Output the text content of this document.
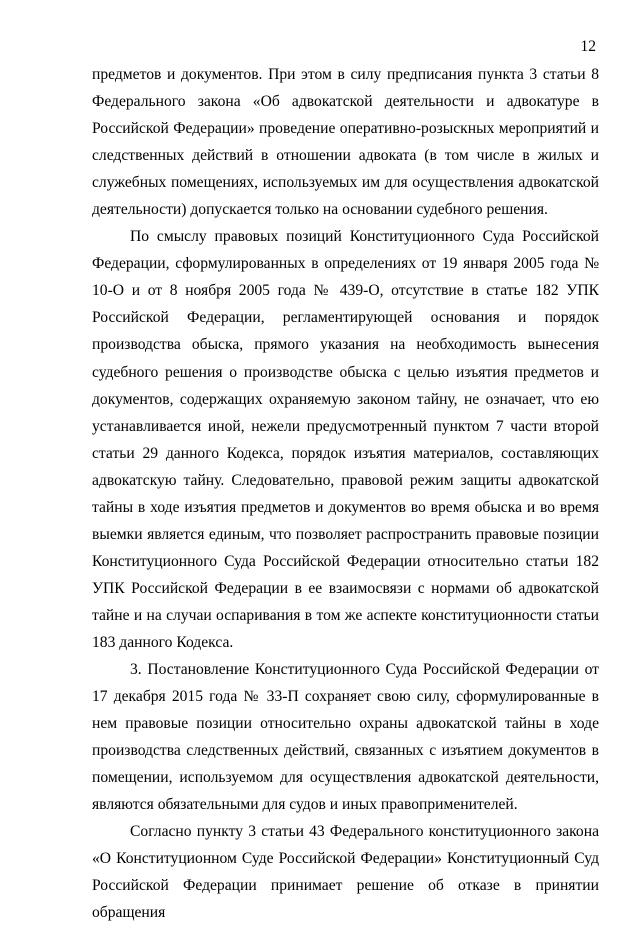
12

предметов и документов. При этом в силу предписания пункта 3 статьи 8 Федерального закона «Об адвокатской деятельности и адвокатуре в Российской Федерации» проведение оперативно-розыскных мероприятий и следственных действий в отношении адвоката (в том числе в жилых и служебных помещениях, используемых им для осуществления адвокатской деятельности) допускается только на основании судебного решения.

По смыслу правовых позиций Конституционного Суда Российской Федерации, сформулированных в определениях от 19 января 2005 года № 10-О и от 8 ноября 2005 года № 439-О, отсутствие в статье 182 УПК Российской Федерации, регламентирующей основания и порядок производства обыска, прямого указания на необходимость вынесения судебного решения о производстве обыска с целью изъятия предметов и документов, содержащих охраняемую законом тайну, не означает, что ею устанавливается иной, нежели предусмотренный пунктом 7 части второй статьи 29 данного Кодекса, порядок изъятия материалов, составляющих адвокатскую тайну. Следовательно, правовой режим защиты адвокатской тайны в ходе изъятия предметов и документов во время обыска и во время выемки является единым, что позволяет распространить правовые позиции Конституционного Суда Российской Федерации относительно статьи 182 УПК Российской Федерации в ее взаимосвязи с нормами об адвокатской тайне и на случаи оспаривания в том же аспекте конституционности статьи 183 данного Кодекса.

3. Постановление Конституционного Суда Российской Федерации от 17 декабря 2015 года № 33-П сохраняет свою силу, сформулированные в нем правовые позиции относительно охраны адвокатской тайны в ходе производства следственных действий, связанных с изъятием документов в помещении, используемом для осуществления адвокатской деятельности, являются обязательными для судов и иных правоприменителей.

Согласно пункту 3 статьи 43 Федерального конституционного закона «О Конституционном Суде Российской Федерации» Конституционный Суд Российской Федерации принимает решение об отказе в принятии обращения
